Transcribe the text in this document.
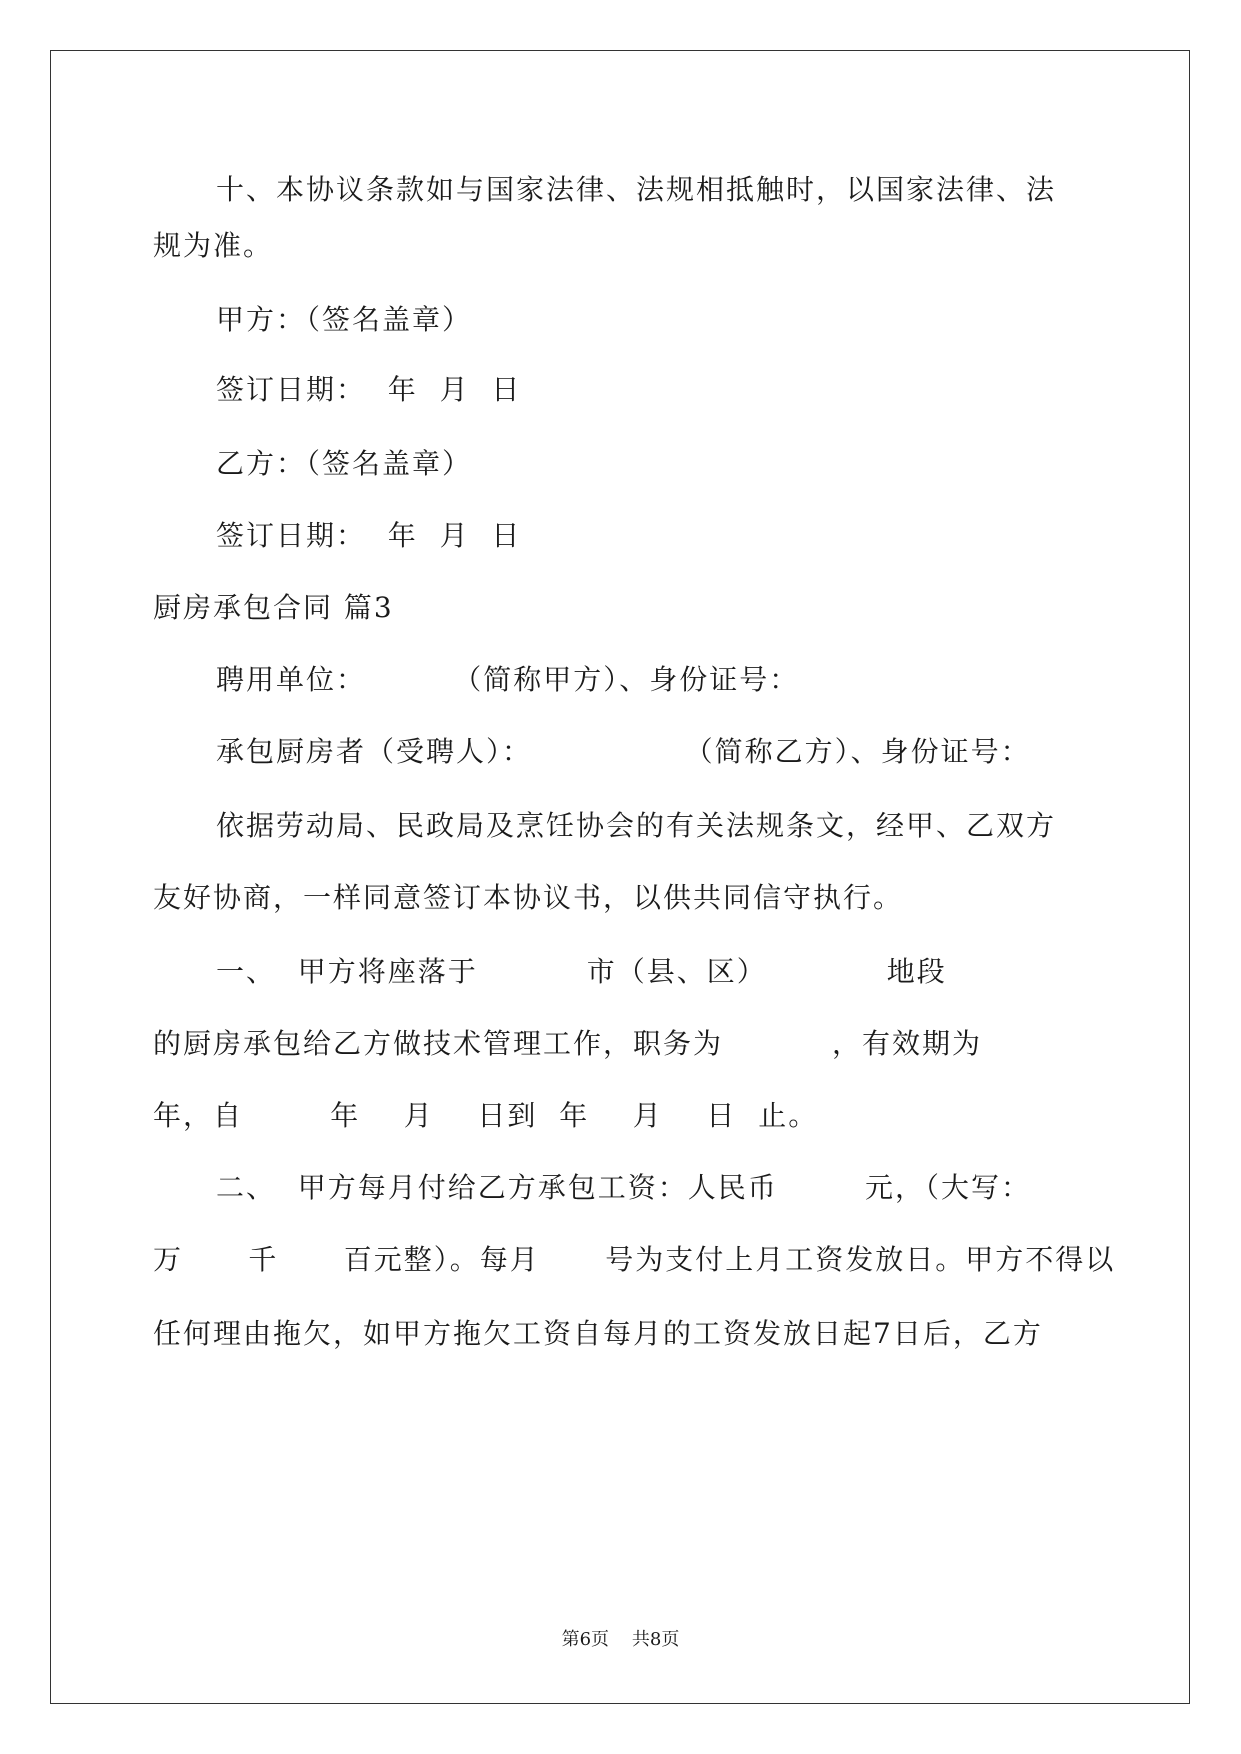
十、本协议条款如与国家法律、法规相抵触时，以国家法律、法
规为准。
甲方：（签名盖章）
签订日期：  年  月  日
乙方：（签名盖章）
签订日期：  年  月  日
厨房承包合同 篇3
聘用单位：        （简称甲方）、身份证号：
承包厨房者（受聘人）：              （简称乙方）、身份证号：
依据劳动局、民政局及烹饪协会的有关法规条文，经甲、乙双方
友好协商，一样同意签订本协议书，以供共同信守执行。
一、  甲方将座落于          市（县、区）           地段
的厨房承包给乙方做技术管理工作，职务为          ，有效期为
年，自        年    月    日到  年    月    日  止。
二、  甲方每月付给乙方承包工资：人民币        元，（大写：
万      千      百元整）。每月      号为支付上月工资发放日。甲方不得以
任何理由拖欠，如甲方拖欠工资自每月的工资发放日起7日后，乙方
第6页    共8页
